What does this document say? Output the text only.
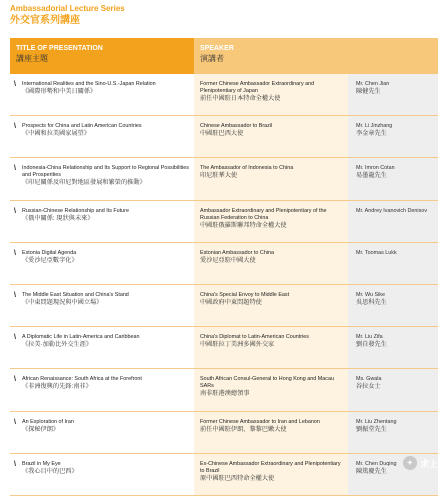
Ambassadorial Lecture Series
外交官系列講座
TITLE OF PRESENTATION
講座主題
SPEAKER
演講者
\	International Realities and the Sino-U.S.-Japan Relation
《國際形勢和中美日關係》
Former Chinese Ambassador Extraordinary and Plenipotentiary of Japan
前任中國駐日本特命全權大使
Mr. Chen Jian
陳健先生
\	Prospects for China and Latin American Countries
《中國和拉美國家展望》
Chinese Ambassador to Brazil
中國駐巴西大使
Mr. Li Jinzhang
李金章先生
\	Indonesia-China Relationship and Its Support to Regional Possibilities and Prosperities
《印尼關係及印尼對地區發展和繁榮的推動》
The Ambassador of Indonesia to China
印尼駐華大使
Mr. Imron Cotan
易墨龍先生
\	Russian-Chinese Relationship and Its Future
《俄中關係: 現狀與未來》
Ambassador Extraordinary and Plenipotentiary of the Russian Federation to China
中國駐俄羅斯聯邦特命全權大使
Mr. Andrey Ivanovich Denisov
\	Estonia Digital Agenda
《愛沙尼亞數字化》
Estonian Ambassador to China
愛沙尼亞駐中國大使
Mr. Toomas Lukk
\	The Middle East Situation and China's Stand
《中東問題現況與中國立場》
China's Special Envoy to Middle East
中國政府中東問題特使
Mr. Wu Sike
吳思科先生
\	A Diplomatic Life in Latin-America and Caribbean
《拉美·加勒比外交生涯》
China's Diplomat to Latin-American Countries
中國駐拉丁美洲多國外交家
Mr. Liu Zifa
劉自發先生
\	African Renaissance: South Africa at the Forefront
《非洲復興的先鋒:南非》
South African Consul-General to Hong Kong and Macau SARs
南非駐港澳總領事
Ms. Gwala
谷拉女士
\	An Exploration of Iran
《探秘伊朗》
Former Chinese Ambassador to Iran and Lebanon
前任中國駐伊朗、黎黎巴嫩大使
Mr. Liu Zhentang
劉振堂先生
\	Brazil in My Eye
《我心目中的巴西》
Ex-Chinese Ambassador Extraordinary and Plenipotentiary to Brazil
原中國駐巴西特命全權大使
Mr. Chen Duqing
陳篤慶先生
✦ 求上
